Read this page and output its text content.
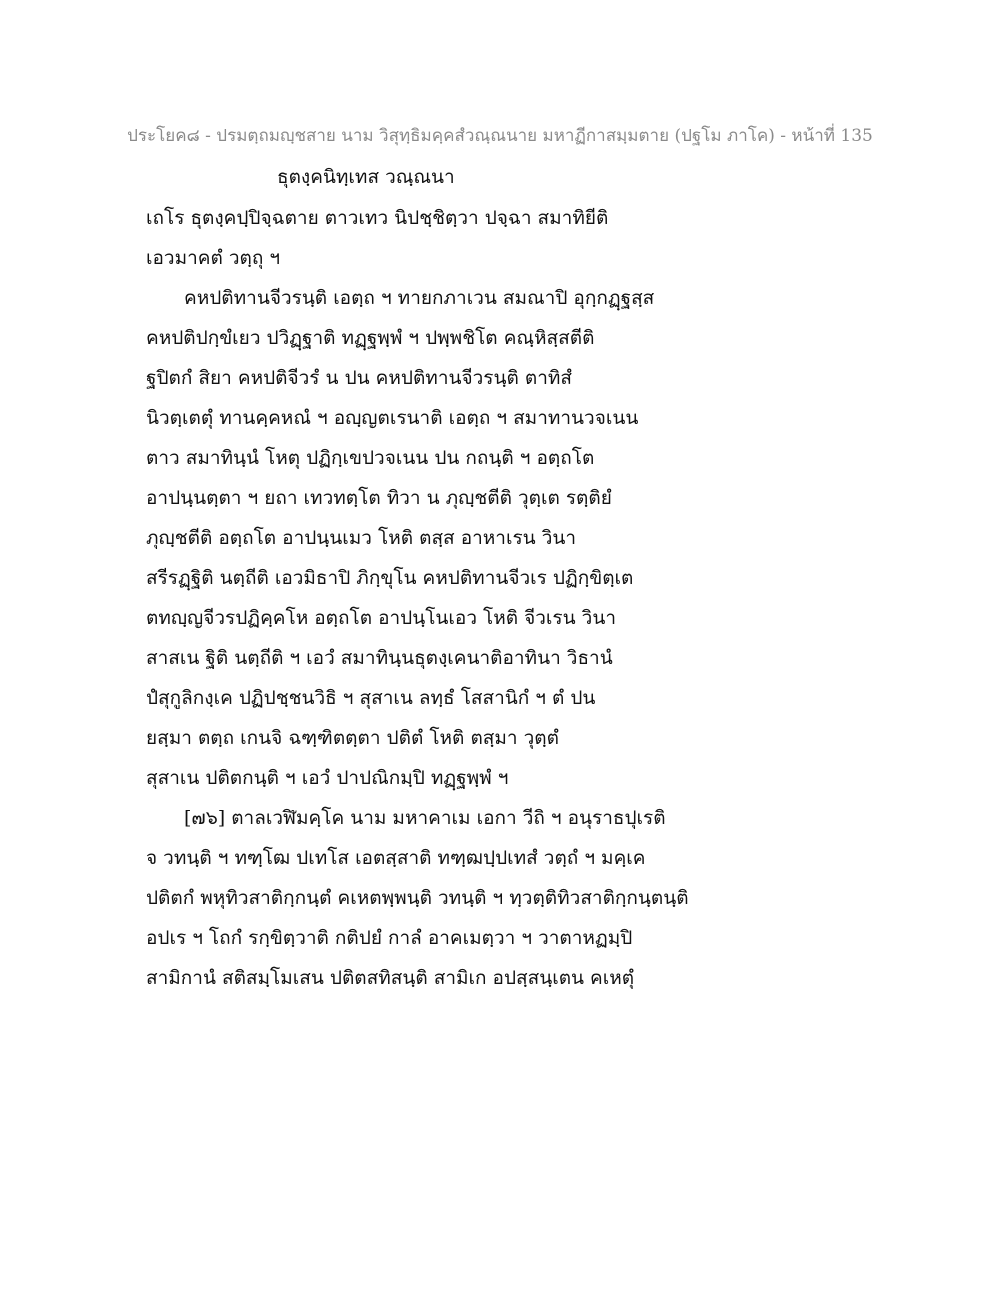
ประโยค๘ - ปรมตฺถมญฺชสาย นาม วิสุทฺธิมคฺคสํวณฺณนาย มหาฏีกาสมฺมตาย (ปฐโม ภาโค) - หน้าที่ 135
ธุตงฺคนิทฺเทส วณฺณนา
เถโร ธุตงฺคปฺปิจฺฉตาย ตาวเทว นิปชฺชิตฺวา ปจฺฉา สมาทิยีติ
เอวมาคตํ วตฺถุ ฯ
คหปติทานจีวรนฺติ เอตฺถ ฯ ทายกภาเวน สมณาปิ อุกฺกฏฺฐสฺส
คหปติปกฺขํเยว ปวิฏฺฐาติ ทฏฺฐพฺพํ ฯ ปพฺพชิโต คณฺหิสฺสตีติ
ฐปิตกํ สิยา คหปติจีวรํ น ปน คหปติทานจีวรนฺติ ตาทิสํ
นิวตฺเตตุํ ทานคฺคหณํ ฯ อญฺญตเรนาติ เอตฺถ ฯ สมาทานวจเนน
ตาว สมาทินฺนํ โหตุ ปฏิกฺเขปวจเนน ปน กถนฺติ ฯ อตฺถโต
อาปนฺนตฺตา ฯ ยถา เทวทตฺโต ทิวา น ภุญฺชตีติ วุตฺเต รตฺติยํ
ภุญฺชตีติ อตฺถโต อาปนฺนเมว โหติ ตสฺส อาหาเรน วินา
สรีรฏฺฐิติ นตฺถีติ เอวมิธาปิ ภิกฺขุโน คหปติทานจีวเร ปฏิกฺขิตฺเต
ตทญฺญจีวรปฏิคฺคโห อตฺถโต อาปนฺโนเอว โหติ จีวเรน วินา
สาสเน ฐิติ นตฺถีติ ฯ เอวํ สมาทินฺนธุตงฺเคนาติอาทินา วิธานํ
ปํสุกูลิกงฺเค ปฏิปชฺชนวิธิ ฯ สุสาเน ลทฺธํ โสสานิกํ ฯ ตํ ปน
ยสฺมา ตตฺถ เกนจิ ฉฑฺฑิตตฺตา ปติตํ โหติ ตสฺมา วุตฺตํ
สุสาเน ปติตกนฺติ ฯ เอวํ ปาปณิกมฺปิ ทฏฺฐพฺพํ ฯ
[๗๖] ตาลเวฬิมคฺโค นาม มหาคาเม เอกา วีถิ ฯ อนุราธปุเรติ
จ วทนฺติ ฯ ทฑฺโฒ ปเทโส เอตสฺสาติ ทฑฺฒปฺปเทสํ วตฺถํ ฯ มคฺเค
ปติตกํ พหุทิวสาติกฺกนฺตํ คเหตพฺพนฺติ วทนฺติ ฯ ทฺวตฺติทิวสาติกฺกนฺตนฺติ
อปเร ฯ โถกํ รกฺขิตฺวาติ กติปยํ กาลํ อาคเมตฺวา ฯ วาตาหฏมฺปิ
สามิกานํ สติสมฺโมเสน ปติตสทิสนฺติ สามิเก อปสฺสนฺเตน คเหตุํ
